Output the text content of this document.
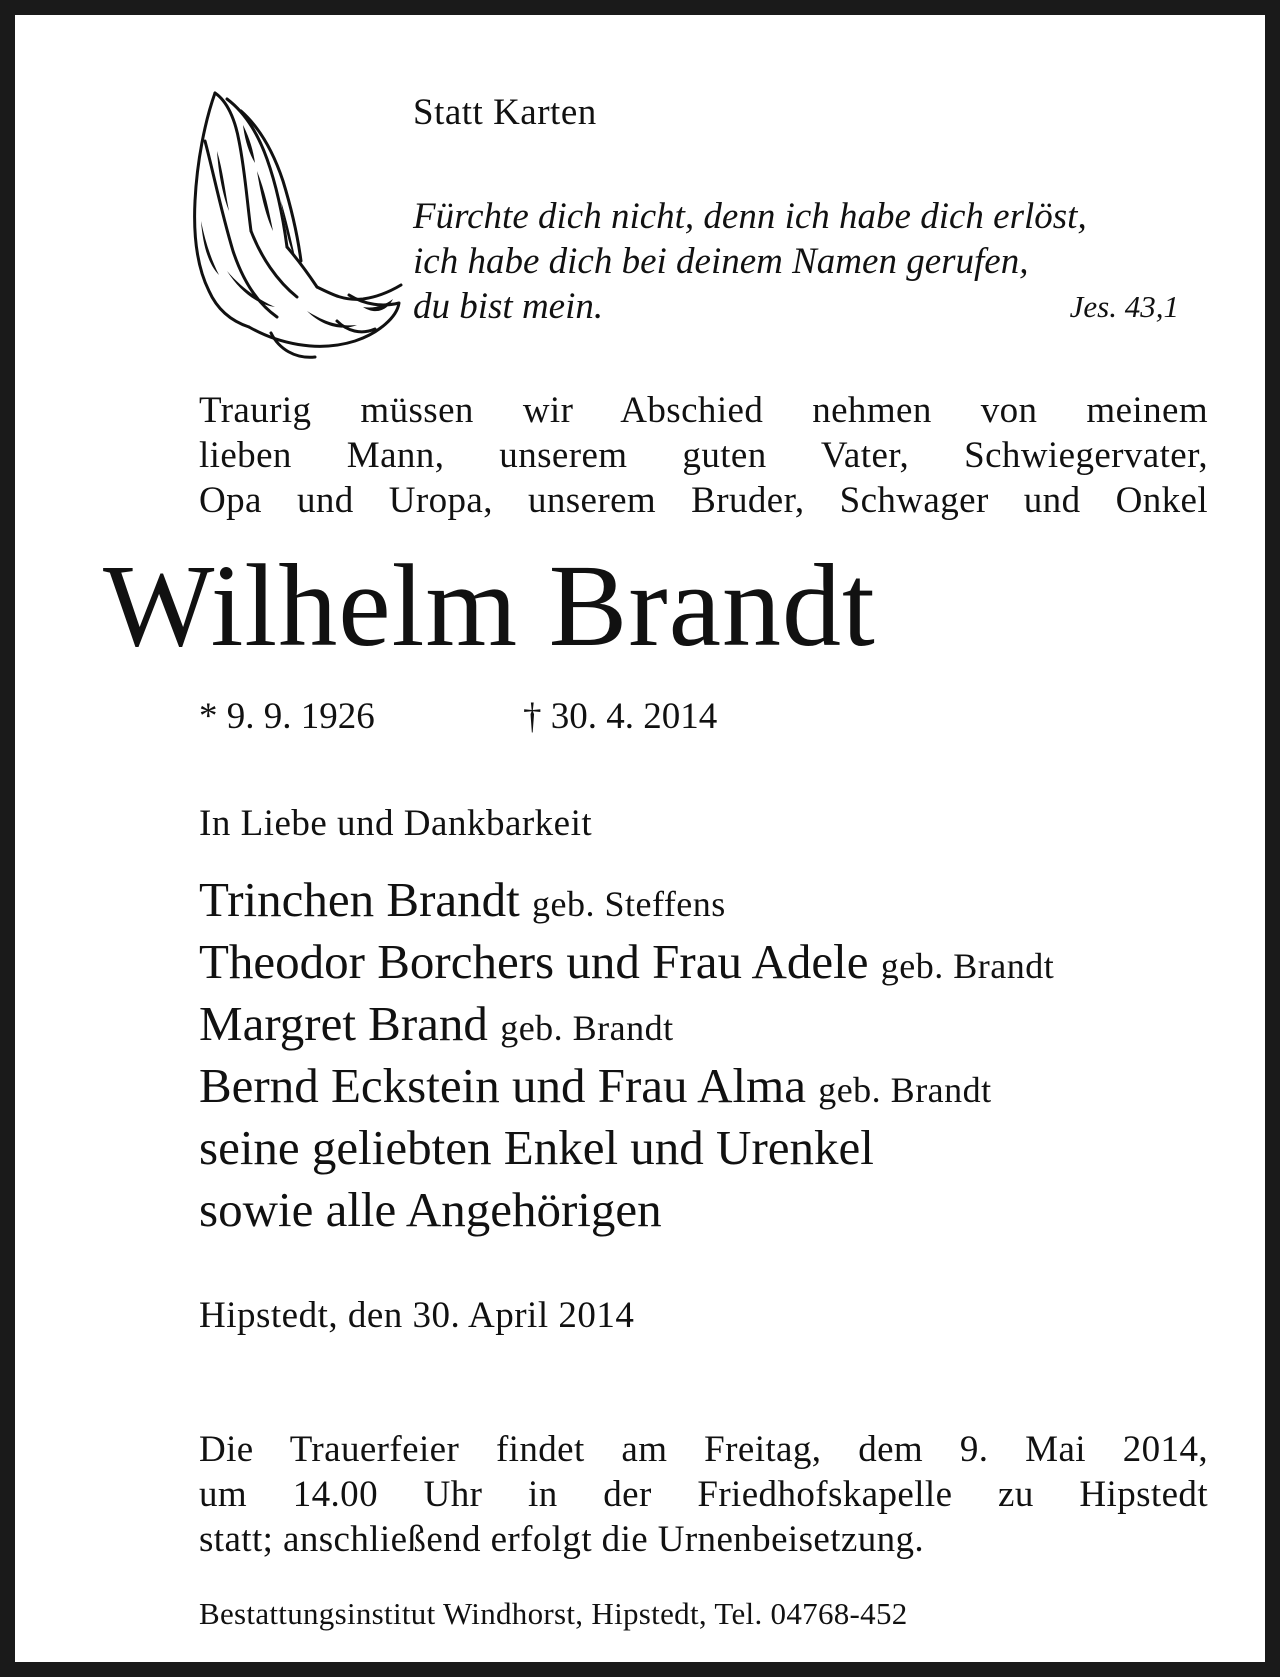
Statt Karten
Fürchte dich nicht, denn ich habe dich erlöst,
ich habe dich bei deinem Namen gerufen,
du bist mein.	Jes. 43,1
Traurig müssen wir Abschied nehmen von meinem
lieben Mann, unserem guten Vater, Schwiegervater,
Opa und Uropa, unserem Bruder, Schwager und Onkel
Wilhelm Brandt
* 9. 9. 1926	† 30. 4. 2014
In Liebe und Dankbarkeit
Trinchen Brandt geb. Steffens
Theodor Borchers und Frau Adele geb. Brandt
Margret Brand geb. Brandt
Bernd Eckstein und Frau Alma geb. Brandt
seine geliebten Enkel und Urenkel
sowie alle Angehörigen
Hipstedt, den 30. April 2014
Die Trauerfeier findet am Freitag, dem 9. Mai 2014,
um 14.00 Uhr in der Friedhofskapelle zu Hipstedt
statt; anschließend erfolgt die Urnenbeisetzung.
Bestattungsinstitut Windhorst, Hipstedt, Tel. 04768-452
